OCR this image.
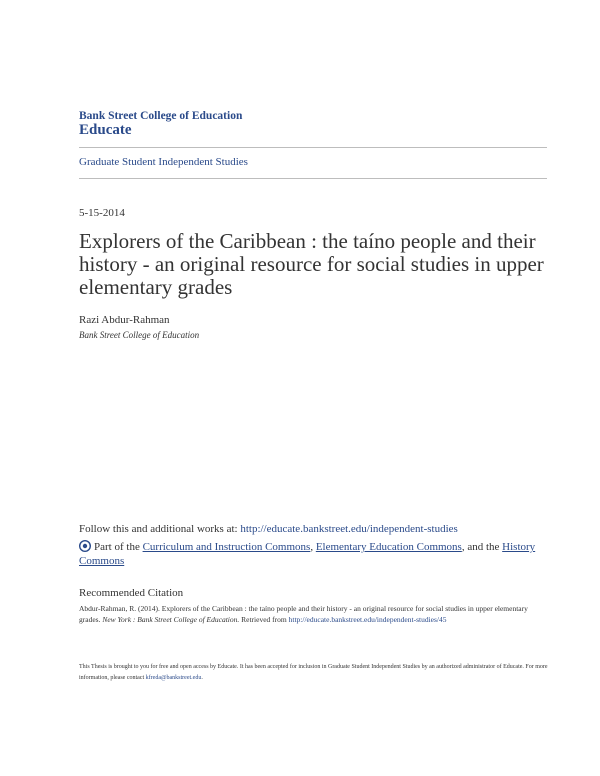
Bank Street College of Education
Educate
Graduate Student Independent Studies
5-15-2014
Explorers of the Caribbean : the taíno people and their history - an original resource for social studies in upper elementary grades
Razi Abdur-Rahman
Bank Street College of Education
Follow this and additional works at: http://educate.bankstreet.edu/independent-studies
Part of the Curriculum and Instruction Commons, Elementary Education Commons, and the History Commons
Recommended Citation
Abdur-Rahman, R. (2014). Explorers of the Caribbean : the taíno people and their history - an original resource for social studies in upper elementary grades. New York : Bank Street College of Education. Retrieved from http://educate.bankstreet.edu/independent-studies/45
This Thesis is brought to you for free and open access by Educate. It has been accepted for inclusion in Graduate Student Independent Studies by an authorized administrator of Educate. For more information, please contact kfreda@bankstreet.edu.
